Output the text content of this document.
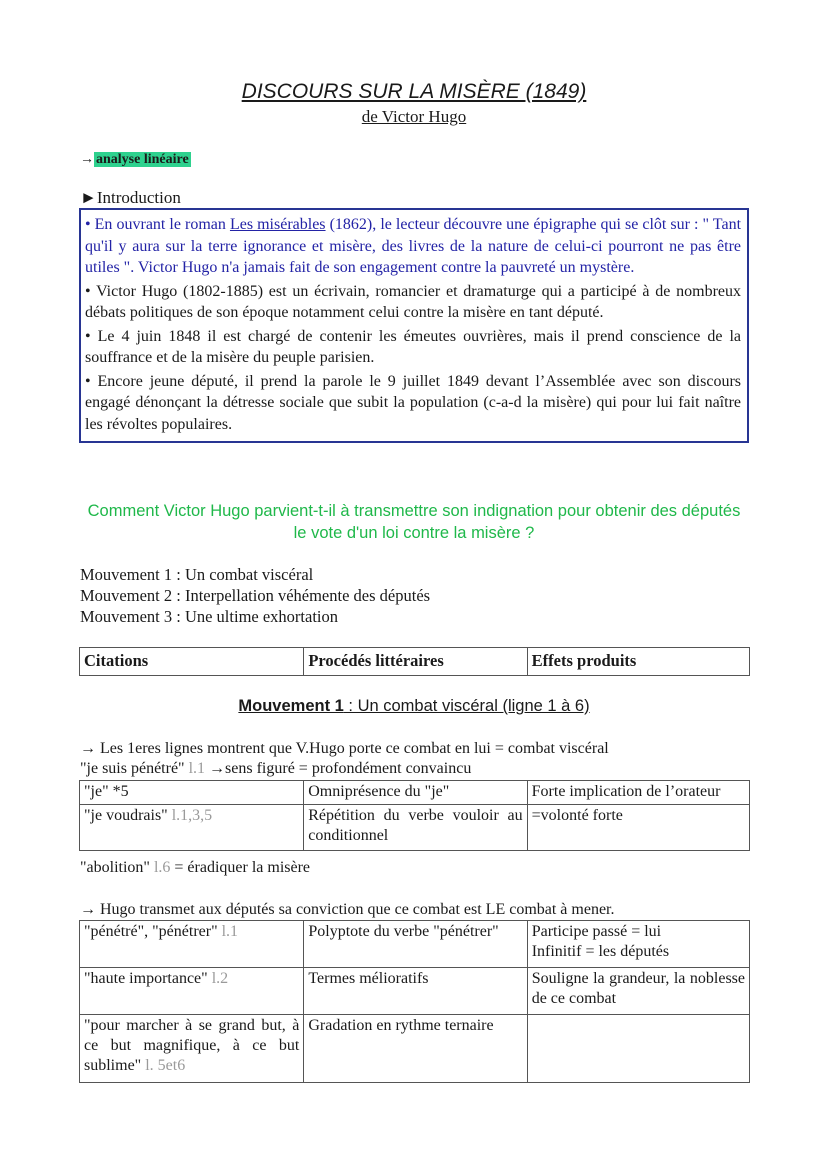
DISCOURS SUR LA MISÈRE (1849)
de Victor Hugo
→ analyse linéaire
►Introduction

• En ouvrant le roman Les misérables (1862), le lecteur découvre une épigraphe qui se clôt sur : " Tant qu'il y aura sur la terre ignorance et misère, des livres de la nature de celui-ci pourront ne pas être utiles ". Victor Hugo n'a jamais fait de son engagement contre la pauvreté un mystère.

• Victor Hugo (1802-1885) est un écrivain, romancier et dramaturge qui a participé à de nombreux débats politiques de son époque notamment celui contre la misère en tant député.

• Le 4 juin 1848 il est chargé de contenir les émeutes ouvrières, mais il prend conscience de la souffrance et de la misère du peuple parisien.

• Encore jeune député, il prend la parole le 9 juillet 1849 devant l’Assemblée avec son discours engagé dénonçant la détresse sociale que subit la population (c-a-d la misère) qui pour lui fait naître les révoltes populaires.

Comment Victor Hugo parvient-t-il à transmettre son indignation pour obtenir des députés le vote d'un loi contre la misère ?
Mouvement 1 : Un combat viscéral
Mouvement 2 : Interpellation véhémente des députés
Mouvement 3 : Une ultime exhortation
Citations	Procédés littéraires	Effets produits
Mouvement 1 : Un combat viscéral (ligne 1 à 6)
→ Les 1eres lignes montrent que V.Hugo porte ce combat en lui = combat viscéral
"je suis pénétré" l.1 →sens figuré = profondément convaincu
"je" *5	Omniprésence du "je"	Forte implication de l’orateur
"je voudrais" l.1,3,5	Répétition du verbe vouloir au conditionnel	=volonté forte
"abolition" l.6 = éradiquer la misère
→ Hugo transmet aux députés sa conviction que ce combat est LE combat à mener.
"pénétré", "pénétrer" l.1	Polyptote du verbe "pénétrer"	Participe passé = lui
Infinitif = les députés

"haute importance" l.2	Termes mélioratifs	Souligne la grandeur, la noblesse de ce combat
"pour marcher à se grand but, à ce but magnifique, à ce but sublime" l. 5et6	Gradation en rythme ternaire	
